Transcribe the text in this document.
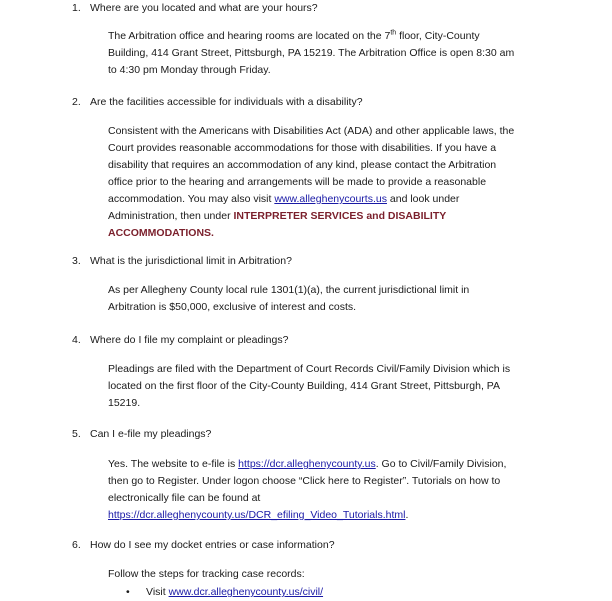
1. Where are you located and what are your hours?
The Arbitration office and hearing rooms are located on the 7th floor, City-County
Building, 414 Grant Street, Pittsburgh, PA 15219. The Arbitration Office is open 8:30 am
to 4:30 pm Monday through Friday.
2. Are the facilities accessible for individuals with a disability?
Consistent with the Americans with Disabilities Act (ADA) and other applicable laws, the
Court provides reasonable accommodations for those with disabilities. If you have a
disability that requires an accommodation of any kind, please contact the Arbitration
office prior to the hearing and arrangements will be made to provide a reasonable
accommodation. You may also visit www.alleghenycourts.us and look under
Administration, then under INTERPRETER SERVICES and DISABILITY
ACCOMMODATIONS.
3. What is the jurisdictional limit in Arbitration?
As per Allegheny County local rule 1301(1)(a), the current jurisdictional limit in
Arbitration is $50,000, exclusive of interest and costs.
4. Where do I file my complaint or pleadings?
Pleadings are filed with the Department of Court Records Civil/Family Division which is
located on the first floor of the City-County Building, 414 Grant Street, Pittsburgh, PA
15219.
5. Can I e-file my pleadings?
Yes. The website to e-file is https://dcr.alleghenycounty.us. Go to Civil/Family Division,
then go to Register. Under logon choose “Click here to Register”. Tutorials on how to
electronically file can be found at
https://dcr.alleghenycounty.us/DCR_efiling_Video_Tutorials.html.
6. How do I see my docket entries or case information?
Follow the steps for tracking case records:
• Visit www.dcr.alleghenycounty.us/civil/
